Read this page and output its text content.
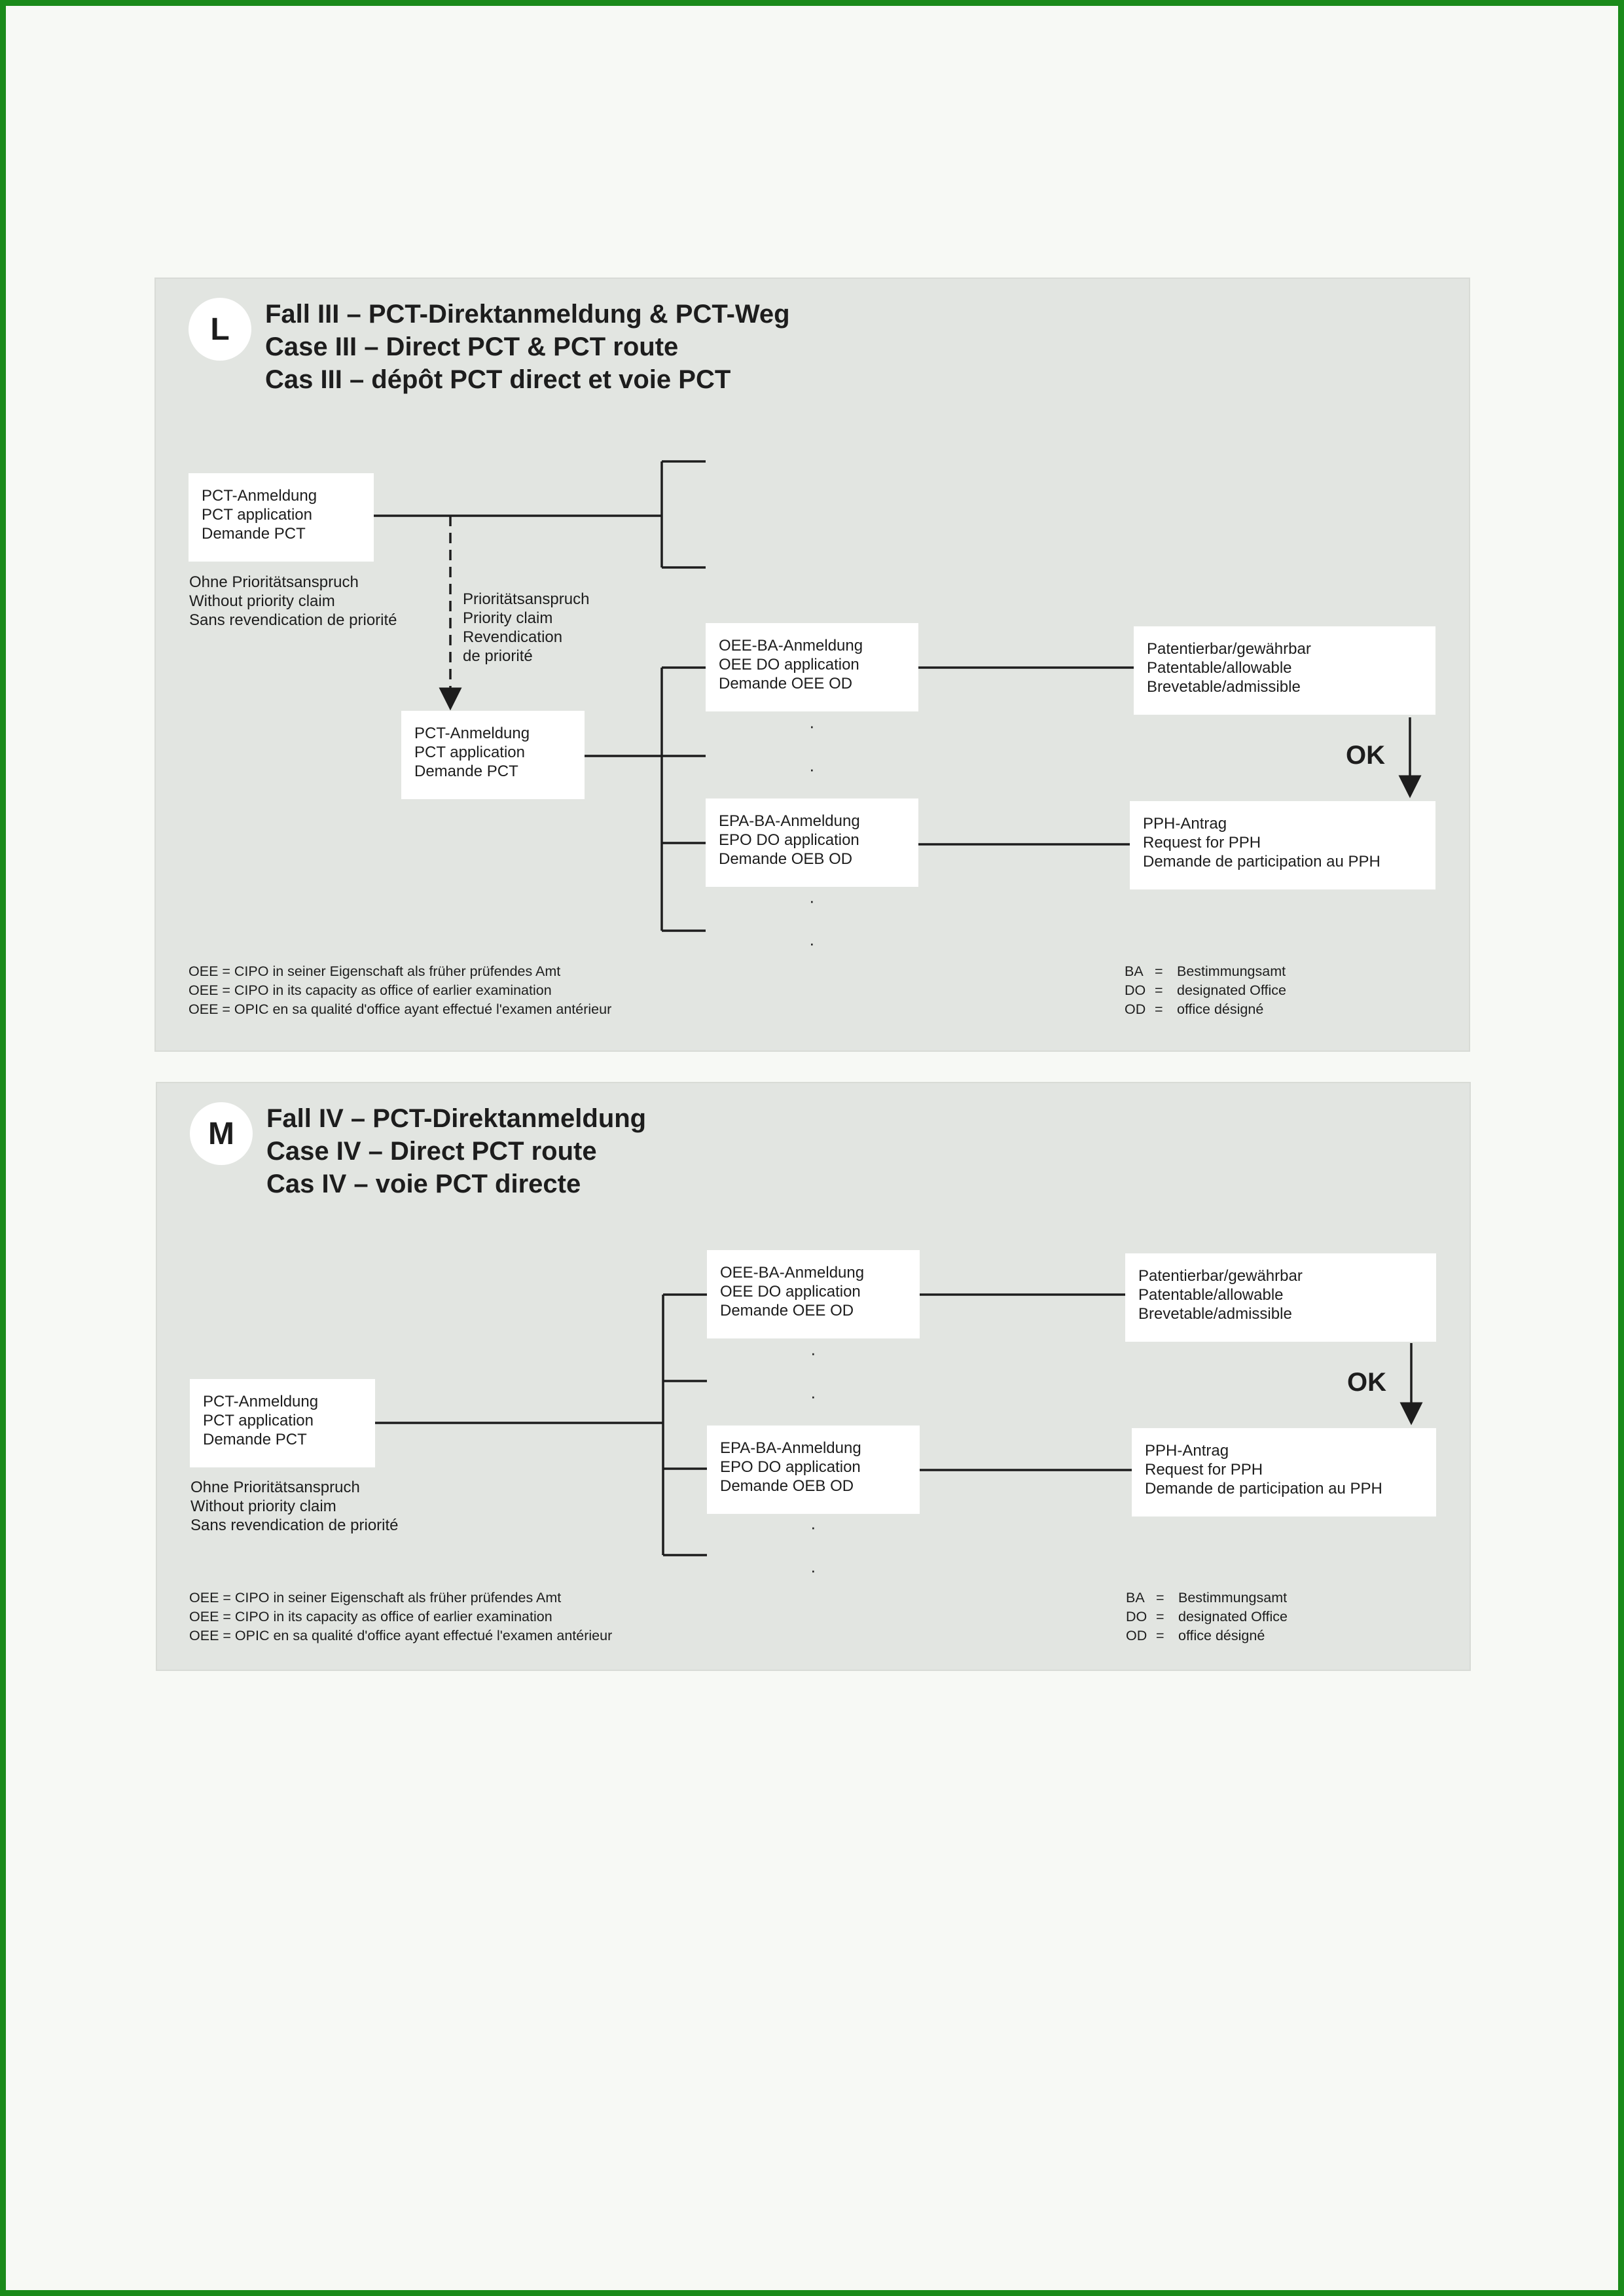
L	Fall III – PCT-Direktanmeldung & PCT-Weg
Case III – Direct PCT & PCT route
Cas III – dépôt PCT direct et voie PCT
PCT-Anmeldung
PCT application
Demande PCT
Ohne Prioritätsanspruch
Without priority claim
Sans revendication de priorité
Prioritätsanspruch
Priority claim
Revendication
de priorité
PCT-Anmeldung
PCT application
Demande PCT
OEE-BA-Anmeldung
OEE DO application
Demande OEE OD
EPA-BA-Anmeldung
EPO DO application
Demande OEB OD
Patentierbar/gewährbar
Patentable/allowable
Brevetable/admissible
PPH-Antrag
Request for PPH
Demande de participation au PPH
OK
·
·
·
·
OEE = CIPO in seiner Eigenschaft als früher prüfendes Amt
OEE = CIPO in its capacity as office of earlier examination
OEE = OPIC en sa qualité d'office ayant effectué l'examen antérieur
BA = Bestimmungsamt
DO = designated Office
OD = office désigné
M	Fall IV – PCT-Direktanmeldung
Case IV – Direct PCT route
Cas IV – voie PCT directe
PCT-Anmeldung
PCT application
Demande PCT
Ohne Prioritätsanspruch
Without priority claim
Sans revendication de priorité
OEE-BA-Anmeldung
OEE DO application
Demande OEE OD
EPA-BA-Anmeldung
EPO DO application
Demande OEB OD
Patentierbar/gewährbar
Patentable/allowable
Brevetable/admissible
PPH-Antrag
Request for PPH
Demande de participation au PPH
OK
·
·
·
·
OEE = CIPO in seiner Eigenschaft als früher prüfendes Amt
OEE = CIPO in its capacity as office of earlier examination
OEE = OPIC en sa qualité d'office ayant effectué l'examen antérieur
BA = Bestimmungsamt
DO = designated Office
OD = office désigné
